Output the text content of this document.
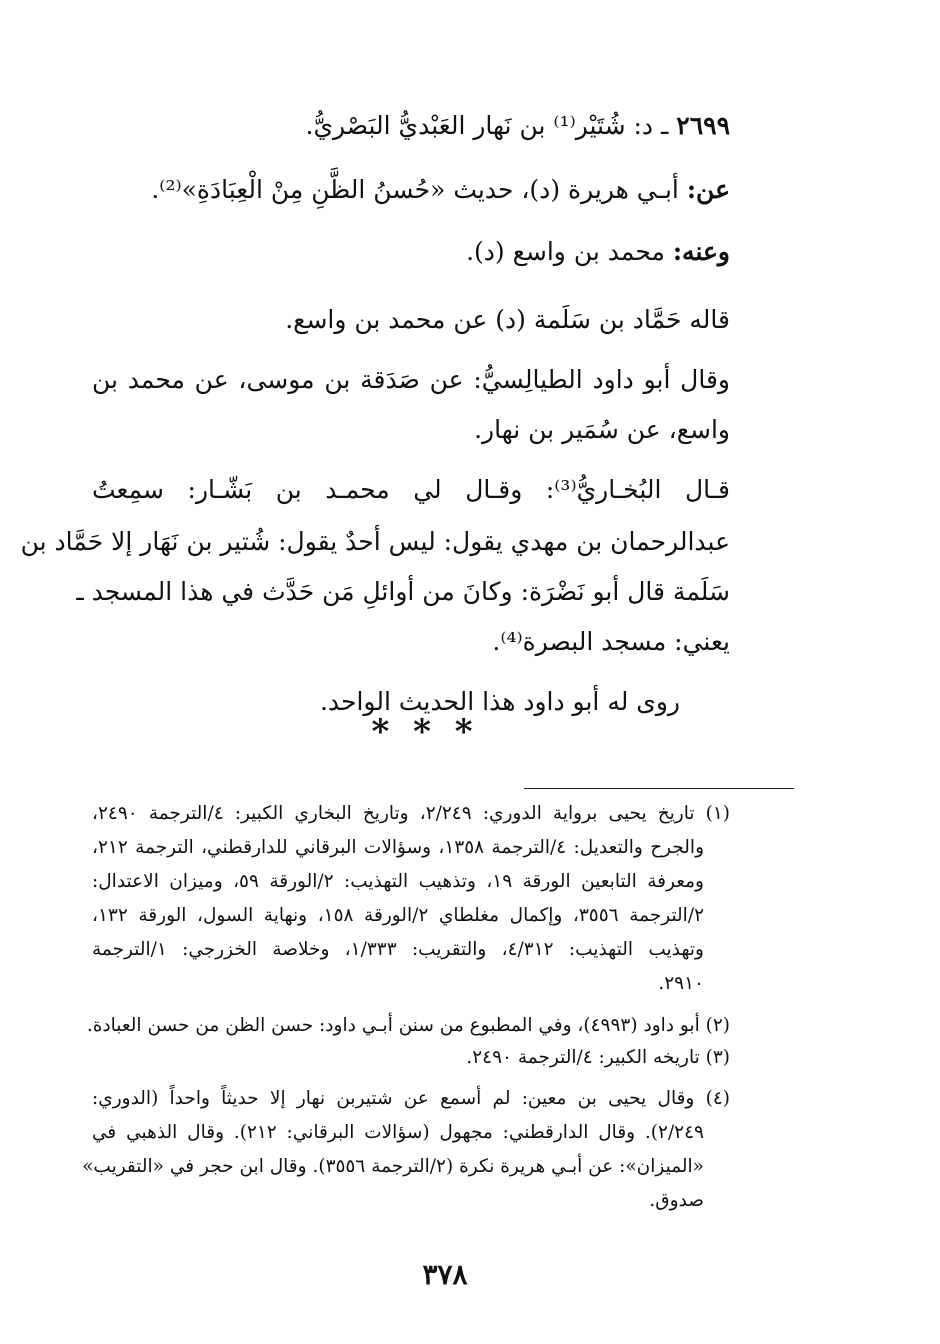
٢٦٩٩ ـ د: شُتَيْر⁽¹⁾ بن نَهار العَبْديُّ البَصْريُّ.
عن: أبـي هريرة (د)، حديث «حُسنُ الظَّنِ مِنْ الْعِبَادَةِ»⁽²⁾.
وعنه: محمد بن واسع (د).
قاله حَمَّاد بن سَلَمة (د) عن محمد بن واسع.
وقال أبو داود الطيالِسيُّ: عن صَدَقة بن موسى، عن محمد بن
واسع، عن سُمَير بن نهار.
قـال البُخـاريُّ⁽³⁾: وقـال لي محمـد بن بَشّـار: سمِعتُ
عبدالرحمان بن مهدي يقول: ليس أحدٌ يقول: شُتير بن نَهَار إلا حَمَّاد بن
سَلَمة قال أبو نَضْرَة: وكانَ من أوائلِ مَن حَدَّث في هذا المسجد ـ
يعني: مسجد البصرة⁽⁴⁾.
روى له أبو داود هذا الحديث الواحد.
* * *
(١) تاريخ يحيى برواية الدوري: ٢/٢٤٩، وتاريخ البخاري الكبير: ٤/الترجمة ٢٤٩٠،
والجرح والتعديل: ٤/الترجمة ١٣٥٨، وسؤالات البرقاني للدارقطني، الترجمة ٢١٢،
ومعرفة التابعين الورقة ١٩، وتذهيب التهذيب: ٢/الورقة ٥٩، وميزان الاعتدال:
٢/الترجمة ٣٥٥٦، وإكمال مغلطاي ٢/الورقة ١٥٨، ونهاية السول، الورقة ١٣٢،
وتهذيب التهذيب: ٤/٣١٢، والتقريب: ١/٣٣٣، وخلاصة الخزرجي: ١/الترجمة
٢٩١٠.
(٢) أبو داود (٤٩٩٣)، وفي المطبوع من سنن أبـي داود: حسن الظن من حسن العبادة.
(٣) تاريخه الكبير: ٤/الترجمة ٢٤٩٠.
(٤) وقال يحيى بن معين: لم أسمع عن شتيربن نهار إلا حديثاً واحداً (الدوري:
٢/٢٤٩). وقال الدارقطني: مجهول (سؤالات البرقاني: ٢١٢). وقال الذهبي في
«الميزان»: عن أبـي هريرة نكرة (٢/الترجمة ٣٥٥٦). وقال ابن حجر في «التقريب»
صدوق.
٣٧٨
